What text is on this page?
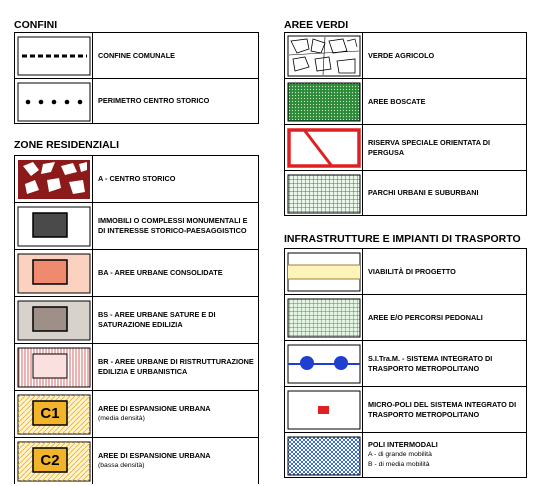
CONFINI
CONFINE COMUNALE
PERIMETRO CENTRO STORICO
ZONE RESIDENZIALI
A - CENTRO STORICO
IMMOBILI O COMPLESSI MONUMENTALI E
DI INTERESSE STORICO-PAESAGGISTICO
BA - AREE URBANE CONSOLIDATE
BS - AREE URBANE SATURE E DI
SATURAZIONE EDILIZIA
BR - AREE URBANE DI RISTRUTTURAZIONE
EDILIZIA E URBANISTICA
C1	AREE DI ESPANSIONE URBANA
(media densità)
C2	AREE DI ESPANSIONE URBANA
(bassa densità)
AREE VERDI
VERDE AGRICOLO
AREE BOSCATE
RISERVA SPECIALE ORIENTATA DI PERGUSA
PARCHI URBANI E SUBURBANI
INFRASTRUTTURE E IMPIANTI DI TRASPORTO
VIABILITÀ DI PROGETTO
AREE E/O PERCORSI PEDONALI
S.I.Tra.M. - SISTEMA INTEGRATO DI
TRASPORTO METROPOLITANO
MICRO-POLI DEL SISTEMA INTEGRATO DI
TRASPORTO METROPOLITANO
POLI INTERMODALI
A - di grande mobilità
B - di media mobilità
